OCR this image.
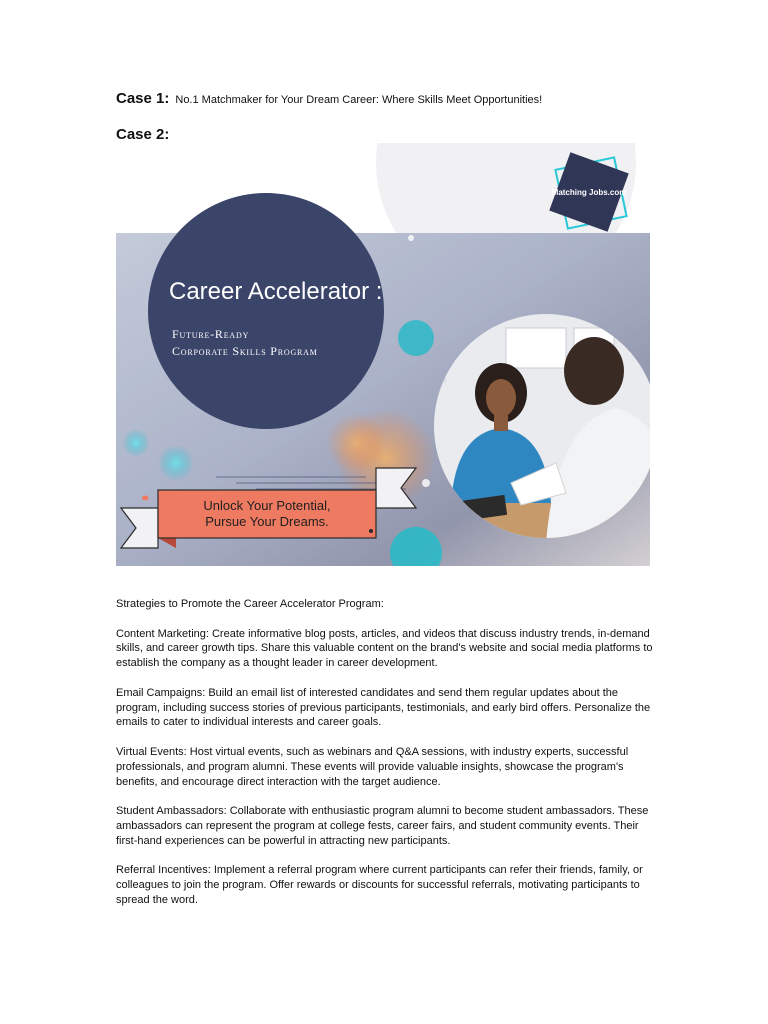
Case 1: No.1 Matchmaker for Your Dream Career: Where Skills Meet Opportunities!
Case 2:
Career Accelerator :
Future-Ready
Corporate Skills Program
Unlock Your Potential,
Pursue Your Dreams.
Matching Jobs.com

Strategies to Promote the Career Accelerator Program:

Content Marketing: Create informative blog posts, articles, and videos that discuss industry trends, in-demand skills, and career growth tips. Share this valuable content on the brand's website and social media platforms to establish the company as a thought leader in career development.

Email Campaigns: Build an email list of interested candidates and send them regular updates about the program, including success stories of previous participants, testimonials, and early bird offers. Personalize the emails to cater to individual interests and career goals.

Virtual Events: Host virtual events, such as webinars and Q&A sessions, with industry experts, successful professionals, and program alumni. These events will provide valuable insights, showcase the program's benefits, and encourage direct interaction with the target audience.

Student Ambassadors: Collaborate with enthusiastic program alumni to become student ambassadors. These ambassadors can represent the program at college fests, career fairs, and student community events. Their first-hand experiences can be powerful in attracting new participants.

Referral Incentives: Implement a referral program where current participants can refer their friends, family, or colleagues to join the program. Offer rewards or discounts for successful referrals, motivating participants to spread the word.
